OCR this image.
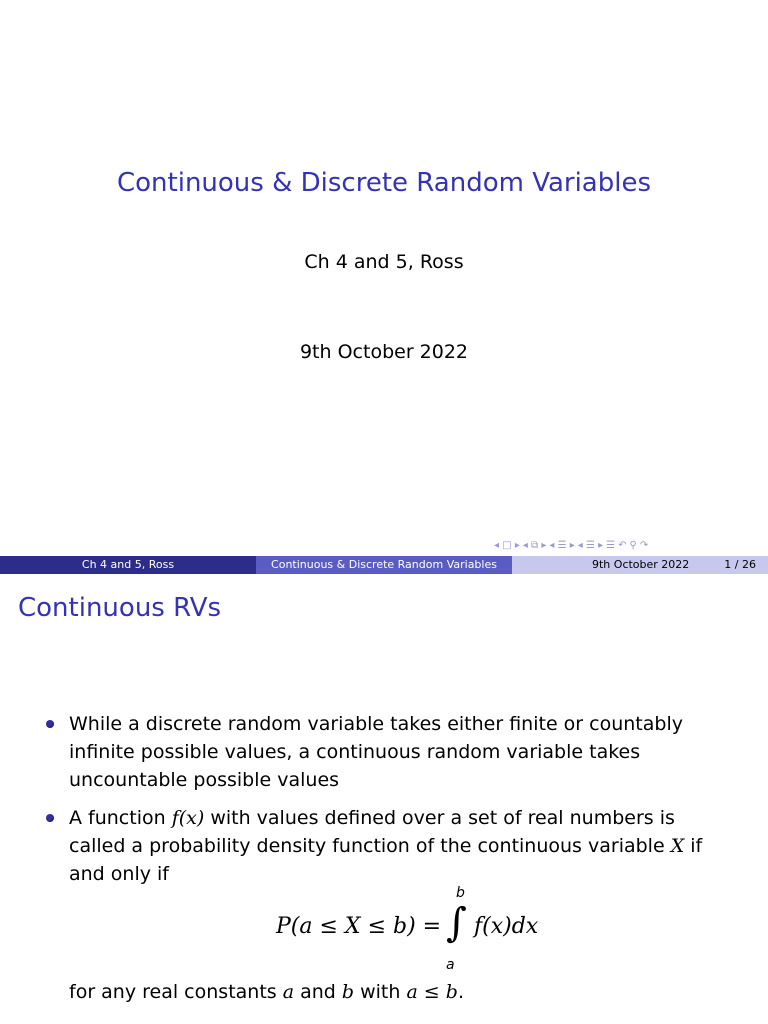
Continuous & Discrete Random Variables
Ch 4 and 5, Ross
9th October 2022
◂ □ ▸ ◂ ⧉ ▸ ◂ ☰ ▸ ◂ ☰ ▸ ☰ ↶ ⚲ ↷
Ch 4 and 5, Ross	Continuous & Discrete Random Variables	9th October 2022	1 / 26
Continuous RVs
While a discrete random variable takes either finite or countably infinite possible values, a continuous random variable takes uncountable possible values
A function f(x) with values defined over a set of real numbers is called a probability density function of the continuous variable X if and only if
P(a ≤ X ≤ b) =
b
∫
a
f(x)dx
for any real constants a and b with a ≤ b.
